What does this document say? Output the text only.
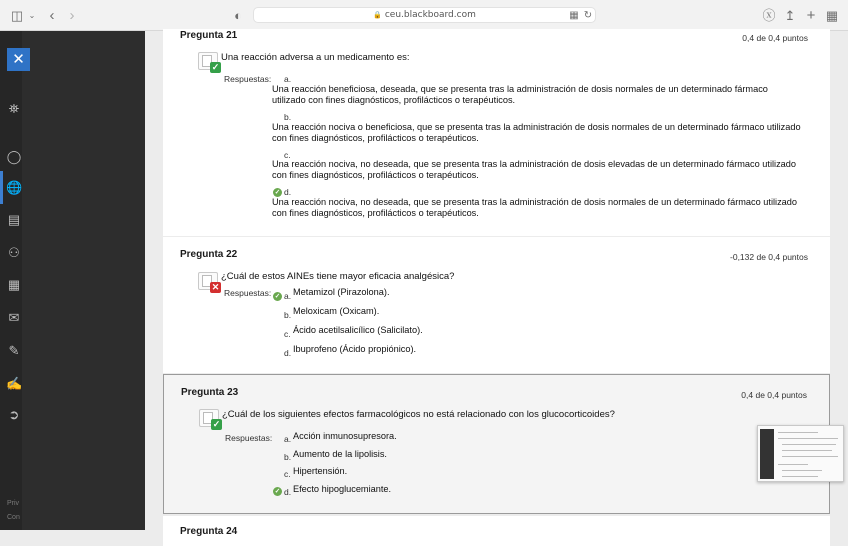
◫ ⌄ ‹ ›	◐	🔒 ceu.blackboard.com	▦ ↻	ⓧ ↥ + ▦
✕
⛯
◯
🌐
▤
⚇
▦
✉
✎
✍
➲
Priv
Con
Pregunta 21	0,4 de 0,4 puntos
✓
Una reacción adversa a un medicamento es:
Respuestas: a.
Una reacción beneficiosa, deseada, que se presenta tras la administración de dosis normales de un determinado fármaco utilizado con fines diagnósticos, profilácticos o terapéuticos.
b.
Una reacción nociva o beneficiosa, que se presenta tras la administración de dosis normales de un determinado fármaco utilizado con fines diagnósticos, profilácticos o terapéuticos.
c.
Una reacción nociva, no deseada, que se presenta tras la administración de dosis elevadas de un determinado fármaco utilizado con fines diagnósticos, profilácticos o terapéuticos.
✓ d.
Una reacción nociva, no deseada, que se presenta tras la administración de dosis normales de un determinado fármaco utilizado con fines diagnósticos, profilácticos o terapéuticos.
Pregunta 22	-0,132 de 0,4 puntos
✕
¿Cuál de estos AINEs tiene mayor eficacia analgésica?
Respuestas: ✓ a. Metamizol (Pirazolona).
b. Meloxicam (Oxicam).
c. Ácido acetilsalicílico (Salicilato).
d. Ibuprofeno (Ácido propiónico).
Pregunta 23	0,4 de 0,4 puntos
✓
¿Cuál de los siguientes efectos farmacológicos no está relacionado con los glucocorticoides?
Respuestas: a. Acción inmunosupresora.
b. Aumento de la lipolisis.
c. Hipertensión.
✓ d. Efecto hipoglucemiante.
Pregunta 24
